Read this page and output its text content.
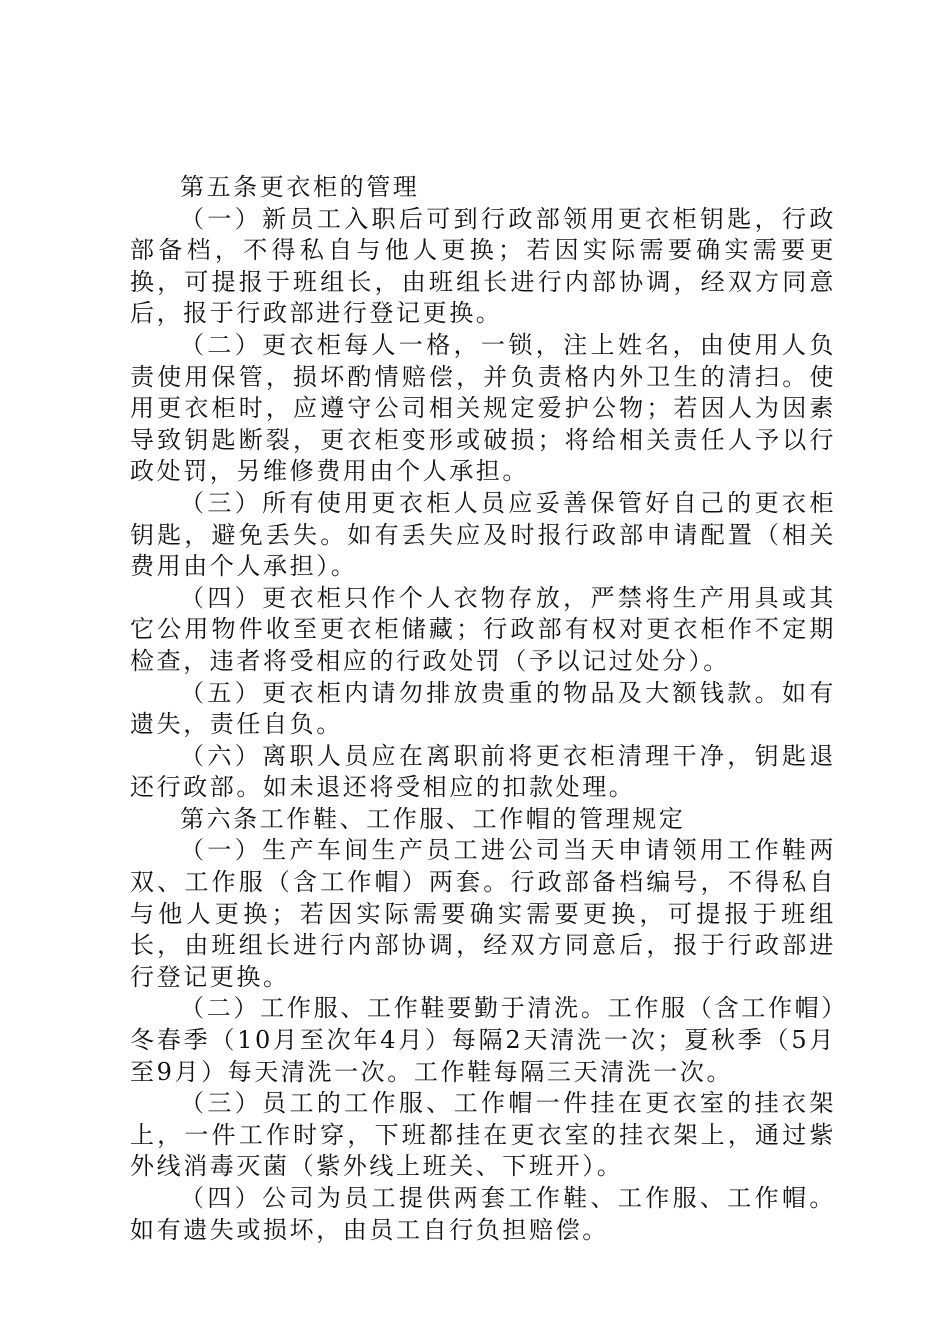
第五条更衣柜的管理

（一）新员工入职后可到行政部领用更衣柜钥匙，行政部备档，不得私自与他人更换；若因实际需要确实需要更换，可提报于班组长，由班组长进行内部协调，经双方同意后，报于行政部进行登记更换。

（二）更衣柜每人一格，一锁，注上姓名，由使用人负责使用保管，损坏酌情赔偿，并负责格内外卫生的清扫。使用更衣柜时，应遵守公司相关规定爱护公物；若因人为因素导致钥匙断裂，更衣柜变形或破损；将给相关责任人予以行政处罚，另维修费用由个人承担。

（三）所有使用更衣柜人员应妥善保管好自己的更衣柜钥匙，避免丢失。如有丢失应及时报行政部申请配置（相关费用由个人承担）。

（四）更衣柜只作个人衣物存放，严禁将生产用具或其它公用物件收至更衣柜储藏；行政部有权对更衣柜作不定期检查，违者将受相应的行政处罚（予以记过处分）。

（五）更衣柜内请勿排放贵重的物品及大额钱款。如有遗失，责任自负。

（六）离职人员应在离职前将更衣柜清理干净，钥匙退还行政部。如未退还将受相应的扣款处理。

第六条工作鞋、工作服、工作帽的管理规定

（一）生产车间生产员工进公司当天申请领用工作鞋两双、工作服（含工作帽）两套。行政部备档编号，不得私自与他人更换；若因实际需要确实需要更换，可提报于班组长，由班组长进行内部协调，经双方同意后，报于行政部进行登记更换。

（二）工作服、工作鞋要勤于清洗。工作服（含工作帽）冬春季（10月至次年4月）每隔2天清洗一次；夏秋季（5月至9月）每天清洗一次。工作鞋每隔三天清洗一次。

（三）员工的工作服、工作帽一件挂在更衣室的挂衣架上，一件工作时穿，下班都挂在更衣室的挂衣架上，通过紫外线消毒灭菌（紫外线上班关、下班开）。

（四）公司为员工提供两套工作鞋、工作服、工作帽。如有遗失或损坏，由员工自行负担赔偿。
